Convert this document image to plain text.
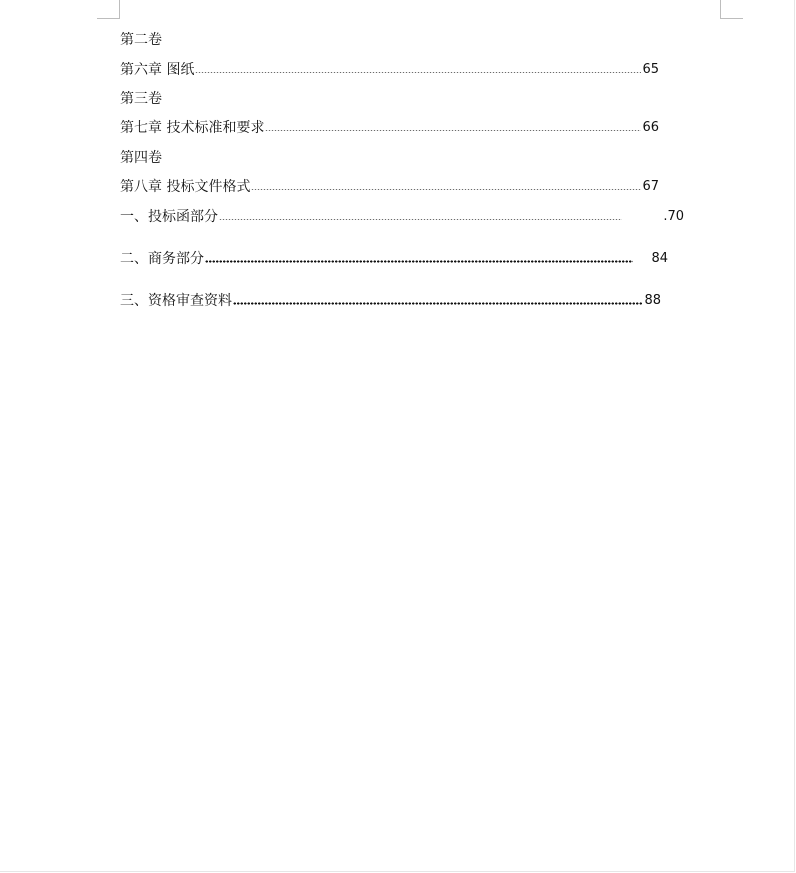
第二卷
第六章 图纸	65
第三卷
第七章 技术标准和要求	66
第四卷
第八章 投标文件格式	67
一、投标函部分	.70
二、商务部分	84
三、资格审查资料	88
